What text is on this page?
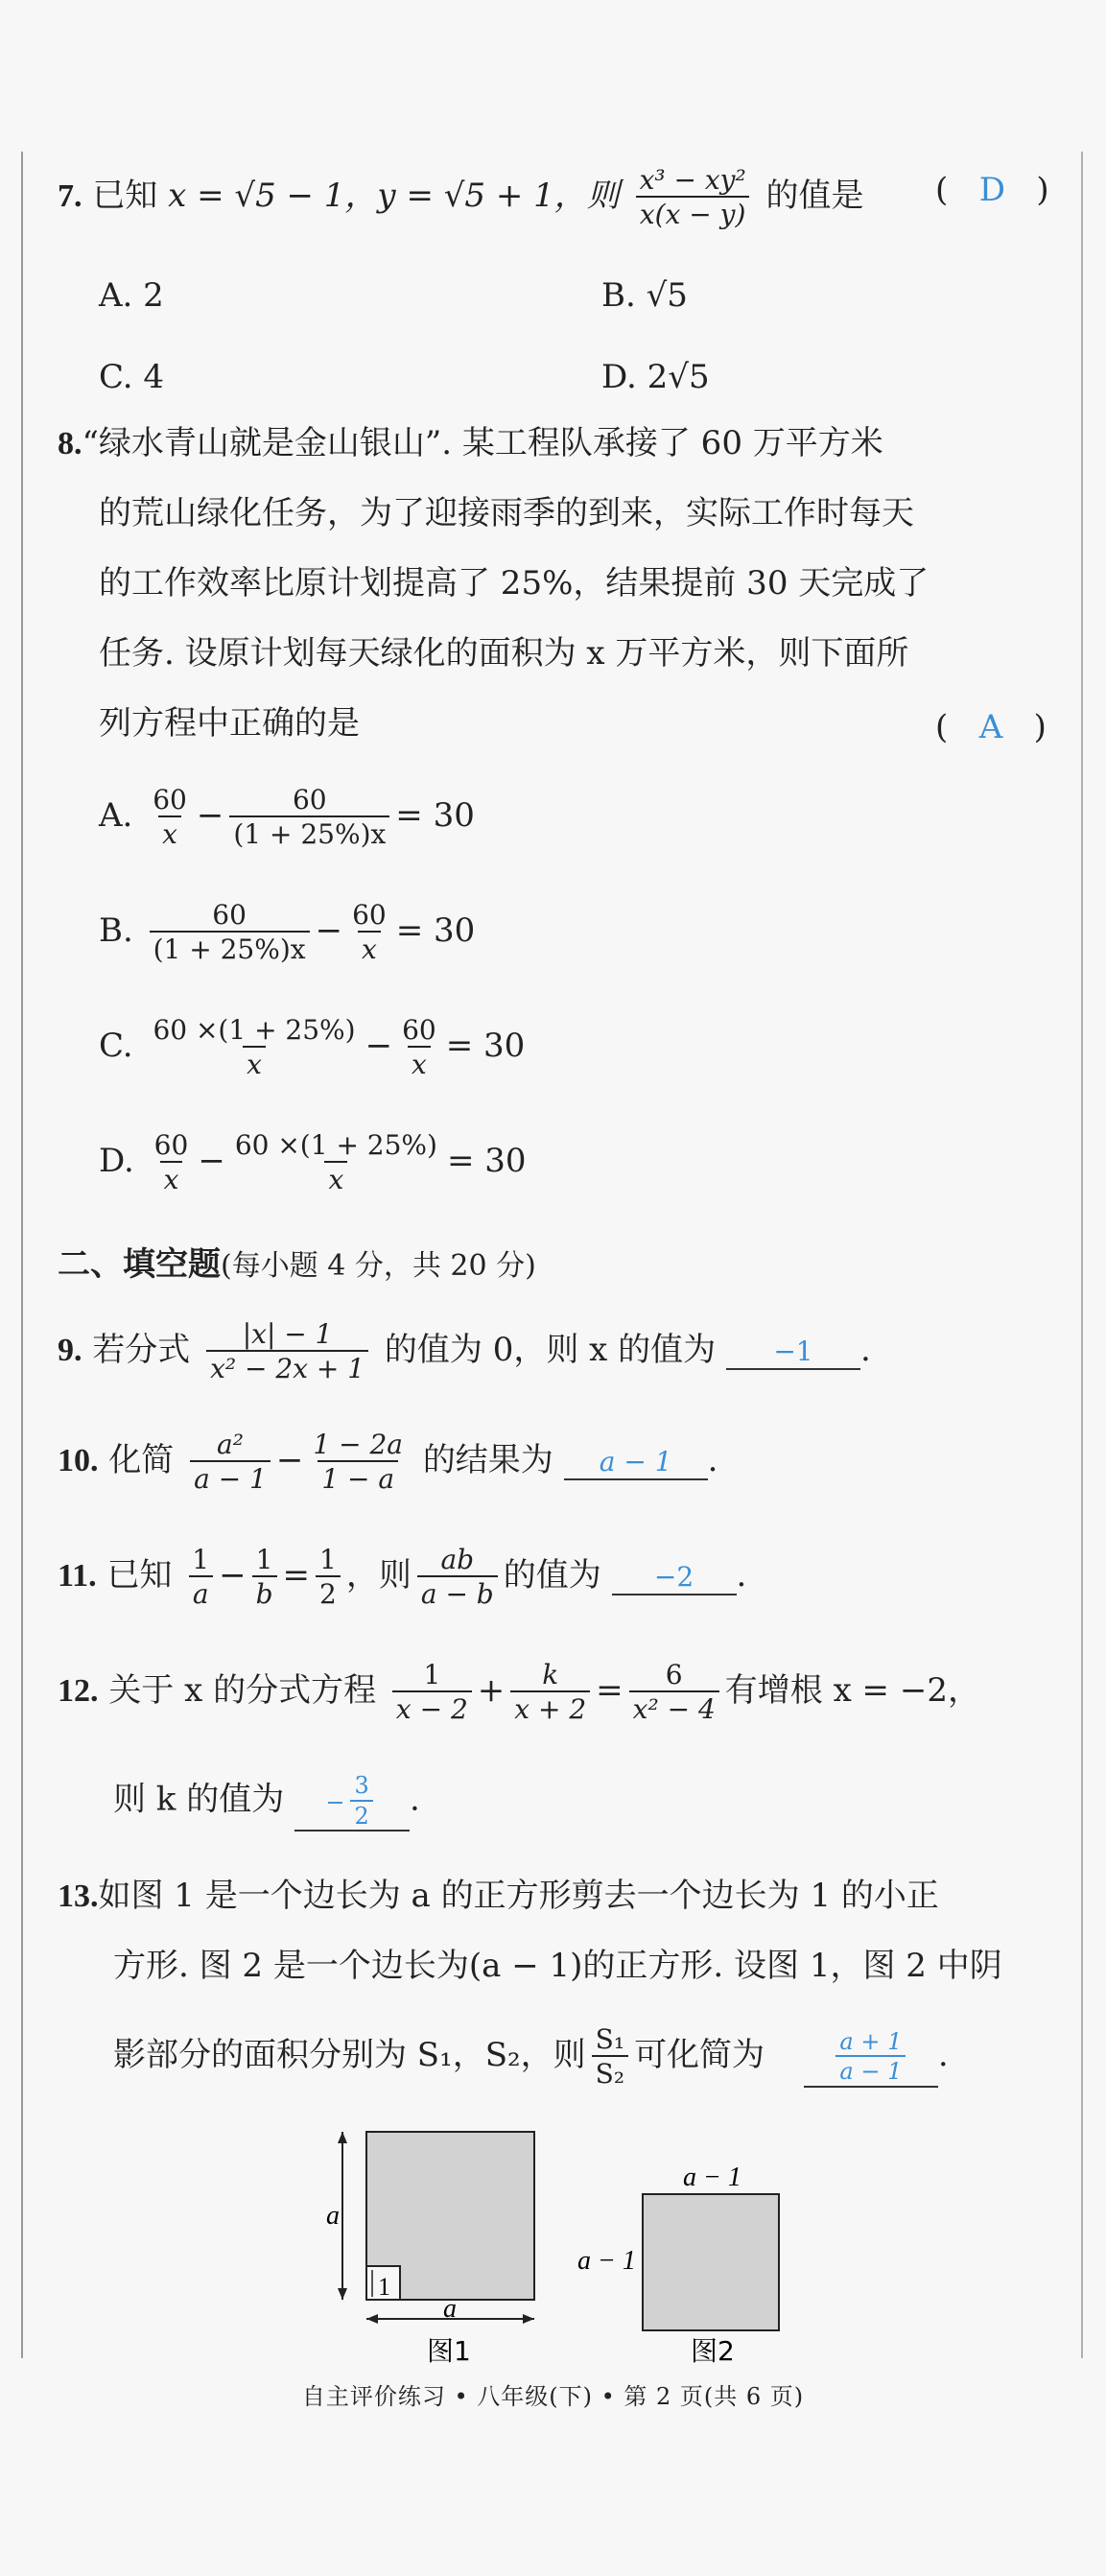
7. 已知 x = √5 − 1，y = √5 + 1，则 $\frac{\text{x³ − xy²}}{x(x - y)}$ 的值是 (   D   )
A. 2	B. √5
C. 4	D. 2√5
8.“绿水青山就是金山银山”. 某工程队承接了 60 万平方米
的荒山绿化任务，为了迎接雨季的到来，实际工作时每天
的工作效率比原计划提高了 25%，结果提前 30 天完成了
任务. 设原计划每天绿化的面积为 x 万平方米，则下面所
列方程中正确的是	(   A   )
A. $\frac{60}{x} - \frac{60}{(1 + 25\%)x} = 30$
B. $\frac{60}{(1 + 25\%)x} - \frac{60}{x} = 30$
C. $\frac{60 \times(1 + 25\%)}{x} - \frac{60}{x} = 30$
D. $\frac{60}{x} - \frac{60 \times(1 + 25\%)}{x} = 30$
二、填空题(每小题 4 分，共 20 分)
9. 若分式 $\frac{|x| - 1}{\text{x² − 2x + 1}}$ 的值为 0，则 x 的值为 −1 .
10. 化简 $\frac{\text{a²}}{a - 1} - \frac{1 - 2a}{1 - a}$ 的结果为 a − 1 .
11. 已知 $\frac{1}{a} - \frac{1}{b} = \frac{1}{2}$ ，则 $\frac{ab}{a - b}$ 的值为 −2 .
12. 关于 x 的分式方程 $\frac{1}{x - 2} + \frac{k}{x + 2} = \frac{6}{\text{x² − 4}}$ 有增根 x = −2，
则 k 的值为 − $\frac{3}{2}$ .
13.如图 1 是一个边长为 a 的正方形剪去一个边长为 1 的小正
方形. 图 2 是一个边长为(a − 1)的正方形. 设图 1，图 2 中阴
影部分的面积分别为 S₁，S₂，则 $\frac{\text{S₁}}{\text{S₂}}$ 可化简为	$\frac{a + 1}{a - 1}$ .
a
a
1
图1
a − 1
a − 1
图2
自主评价练习 • 八年级(下) • 第 2 页(共 6 页)
